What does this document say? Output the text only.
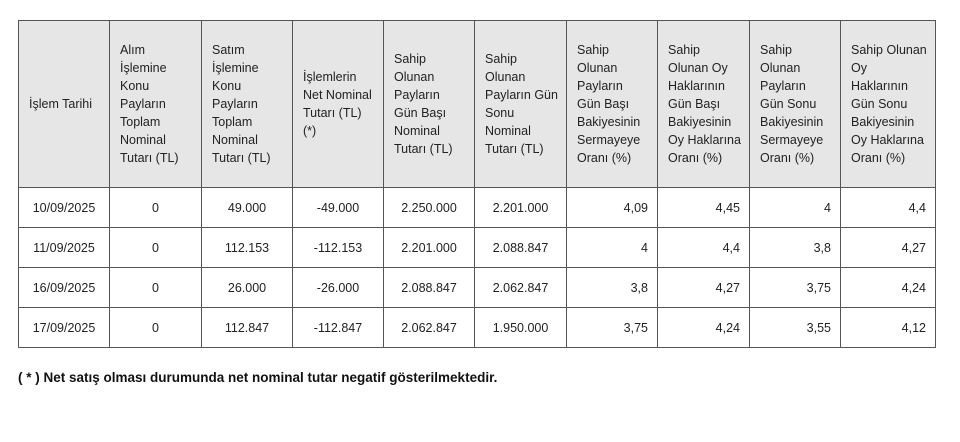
İşlem Tarihi	Alım İşlemine Konu Payların Toplam Nominal Tutarı (TL)	Satım İşlemine Konu Payların Toplam Nominal Tutarı (TL)	İşlemlerin Net Nominal Tutarı (TL) (*)	Sahip Olunan Payların Gün Başı Nominal Tutarı (TL)	Sahip Olunan Payların Gün Sonu Nominal Tutarı (TL)	Sahip Olunan Payların Gün Başı Bakiyesinin Sermayeye Oranı (%)	Sahip Olunan Oy Haklarının Gün Başı Bakiyesinin Oy Haklarına Oranı (%)	Sahip Olunan Payların Gün Sonu Bakiyesinin Sermayeye Oranı (%)	Sahip Olunan Oy Haklarının Gün Sonu Bakiyesinin Oy Haklarına Oranı (%)

10/09/2025	0	49.000	-49.000	2.250.000	2.201.000	4,09	4,45	4	4,4
11/09/2025	0	112.153	-112.153	2.201.000	2.088.847	4	4,4	3,8	4,27
16/09/2025	0	26.000	-26.000	2.088.847	2.062.847	3,8	4,27	3,75	4,24
17/09/2025	0	112.847	-112.847	2.062.847	1.950.000	3,75	4,24	3,55	4,12
( * ) Net satış olması durumunda net nominal tutar negatif gösterilmektedir.
